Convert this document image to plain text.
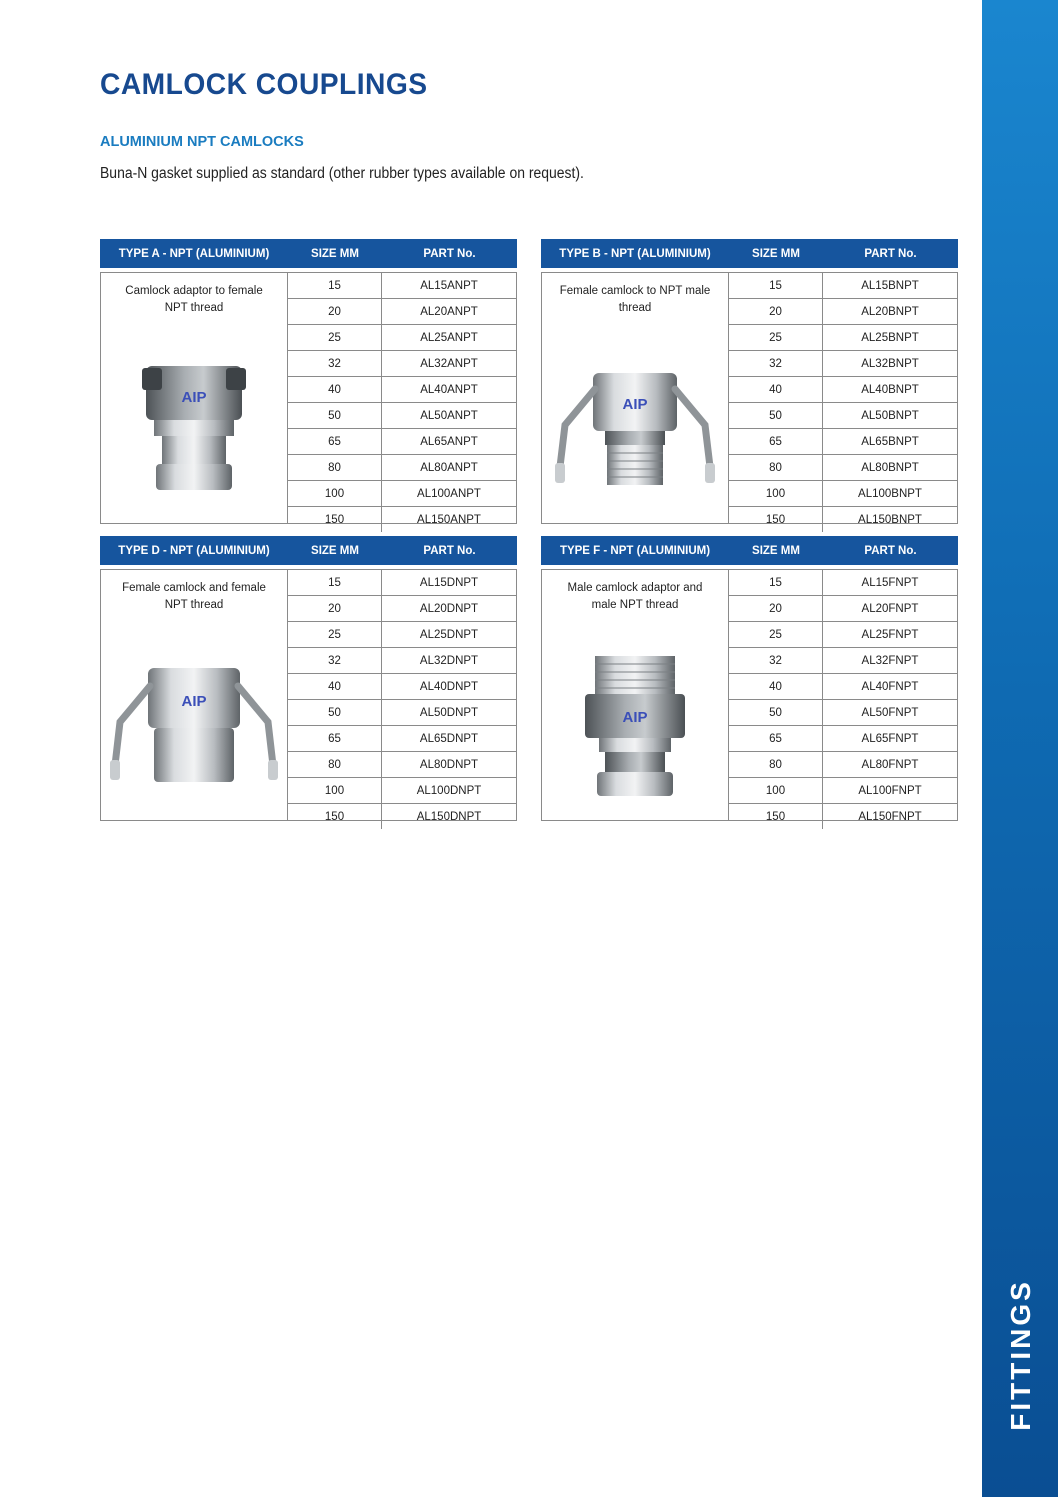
FITTINGS
CAMLOCK COUPLINGS
ALUMINIUM NPT CAMLOCKS

Buna-N gasket supplied as standard (other rubber types available on request).

TYPE A - NPT (ALUMINIUM)	SIZE MM	PART No.
Camlock adaptor to female NPT thread
AIP
15	AL15ANPT
20	AL20ANPT
25	AL25ANPT
32	AL32ANPT
40	AL40ANPT
50	AL50ANPT
65	AL65ANPT
80	AL80ANPT
100	AL100ANPT
150	AL150ANPT
TYPE B - NPT (ALUMINIUM)	SIZE MM	PART No.
Female camlock to NPT male thread
AIP
15	AL15BNPT
20	AL20BNPT
25	AL25BNPT
32	AL32BNPT
40	AL40BNPT
50	AL50BNPT
65	AL65BNPT
80	AL80BNPT
100	AL100BNPT
150	AL150BNPT
TYPE D - NPT (ALUMINIUM)	SIZE MM	PART No.
Female camlock and female NPT thread
AIP
15	AL15DNPT
20	AL20DNPT
25	AL25DNPT
32	AL32DNPT
40	AL40DNPT
50	AL50DNPT
65	AL65DNPT
80	AL80DNPT
100	AL100DNPT
150	AL150DNPT
TYPE F - NPT (ALUMINIUM)	SIZE MM	PART No.
Male camlock adaptor and male NPT thread
AIP
15	AL15FNPT
20	AL20FNPT
25	AL25FNPT
32	AL32FNPT
40	AL40FNPT
50	AL50FNPT
65	AL65FNPT
80	AL80FNPT
100	AL100FNPT
150	AL150FNPT
